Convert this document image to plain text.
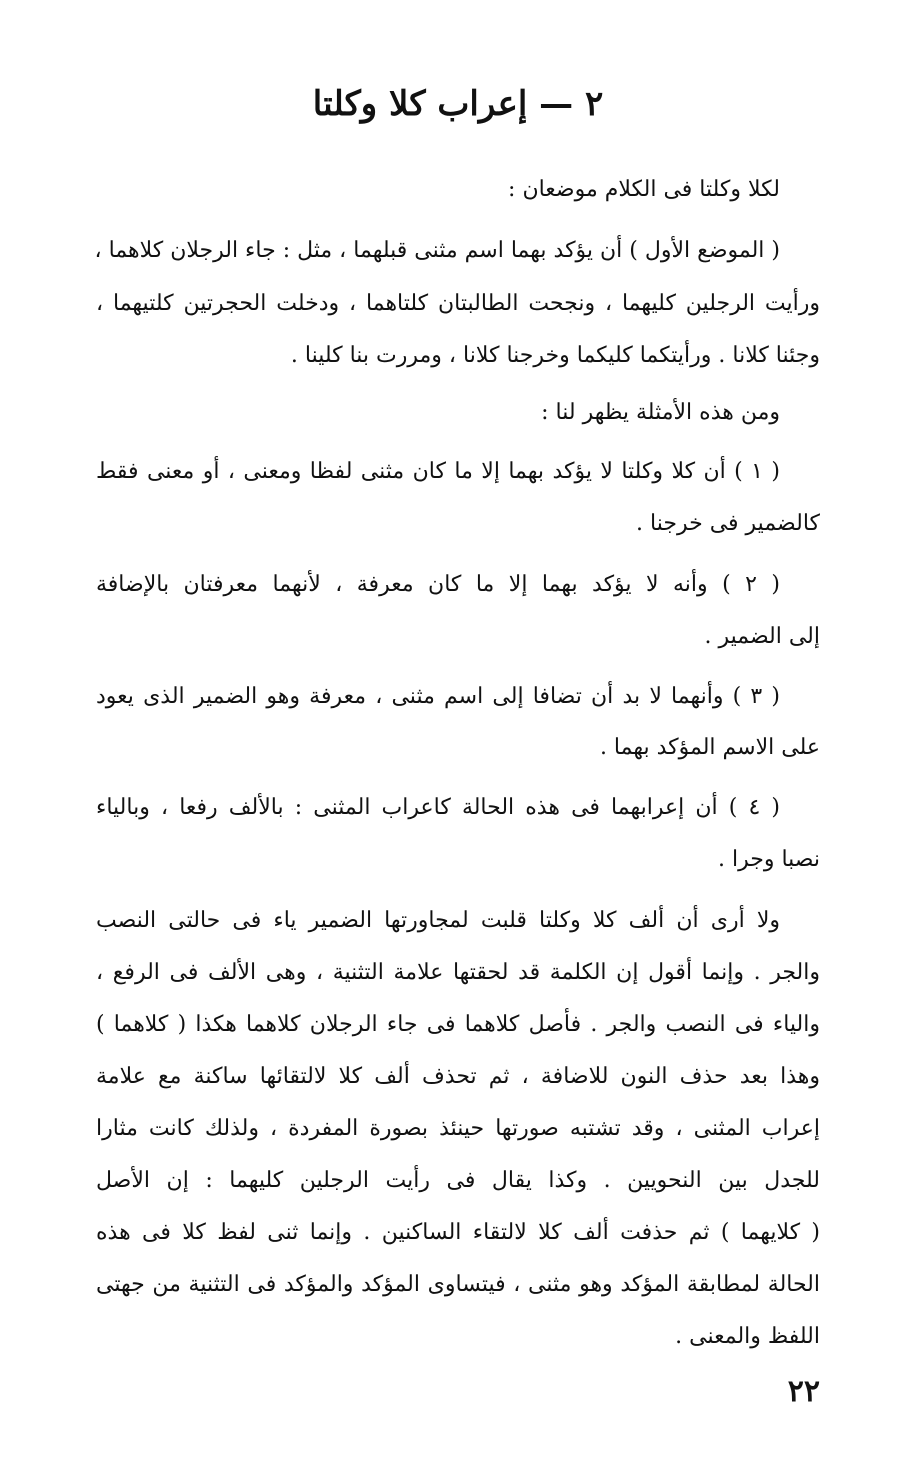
٢ — إعراب كلا وكلتا

لكلا وكلتا فى الكلام موضعان :

( الموضع الأول ) أن يؤكد بهما اسم مثنى قبلهما ، مثل : جاء الرجلان كلاهما ،

ورأيت الرجلين كليهما ، ونجحت الطالبتان كلتاهما ، ودخلت الحجرتين كلتيهما ،

وجئنا كلانا . ورأيتكما كليكما وخرجنا كلانا ، ومررت بنا كلينا .

ومن هذه الأمثلة يظهر لنا :

( ١ ) أن كلا وكلتا لا يؤكد بهما إلا ما كان مثنى لفظا ومعنى ، أو معنى فقط

كالضمير فى خرجنا .

( ٢ ) وأنه لا يؤكد بهما إلا ما كان معرفة ، لأنهما معرفتان بالإضافة

إلى الضمير .

( ٣ ) وأنهما لا بد أن تضافا إلى اسم مثنى ، معرفة وهو الضمير الذى يعود

على الاسم المؤكد بهما .

( ٤ ) أن إعرابهما فى هذه الحالة كاعراب المثنى : بالألف رفعا ، وبالياء

نصبا وجرا .

ولا أرى أن ألف كلا وكلتا قلبت لمجاورتها الضمير ياء فى حالتى النصب

والجر . وإنما أقول إن الكلمة قد لحقتها علامة التثنية ، وهى الألف فى الرفع ،

والياء فى النصب والجر . فأصل كلاهما فى جاء الرجلان كلاهما هكذا ( كلاهما )

وهذا بعد حذف النون للاضافة ، ثم تحذف ألف كلا لالتقائها ساكنة مع علامة

إعراب المثنى ، وقد تشتبه صورتها حينئذ بصورة المفردة ، ولذلك كانت مثارا

للجدل بين النحويين . وكذا يقال فى رأيت الرجلين كليهما : إن الأصل

( كلايهما ) ثم حذفت ألف كلا لالتقاء الساكنين . وإنما ثنى لفظ كلا فى هذه

الحالة لمطابقة المؤكد وهو مثنى ، فيتساوى المؤكد والمؤكد فى التثنية من جهتى

اللفظ والمعنى .

٢٢
